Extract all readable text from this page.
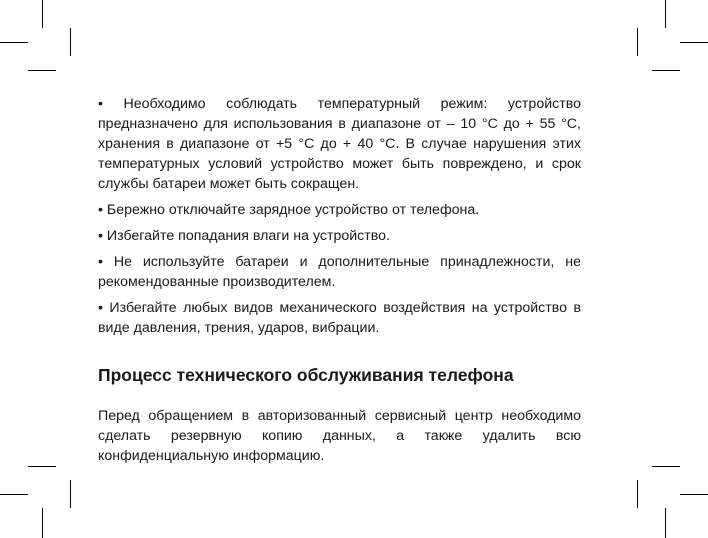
• Необходимо соблюдать температурный режим: устройство предназначено для использования в диапазоне от – 10 °C до + 55 °C, хранения в диапазоне от +5 °C до + 40 °C. В случае нарушения этих температурных условий устройство может быть повреждено, и срок службы батареи может быть сокращен.

• Бережно отключайте зарядное устройство от телефона.

• Избегайте попадания влаги на устройство.

• Не используйте батареи и дополнительные принадлежности, не рекомендованные производителем.

• Избегайте любых видов механического воздействия на устройство в виде давления, трения, ударов, вибрации.

Процесс технического обслуживания телефона

Перед обращением в авторизованный сервисный центр необходимо сделать резервную копию данных, а также удалить всю конфиденциальную информацию.
